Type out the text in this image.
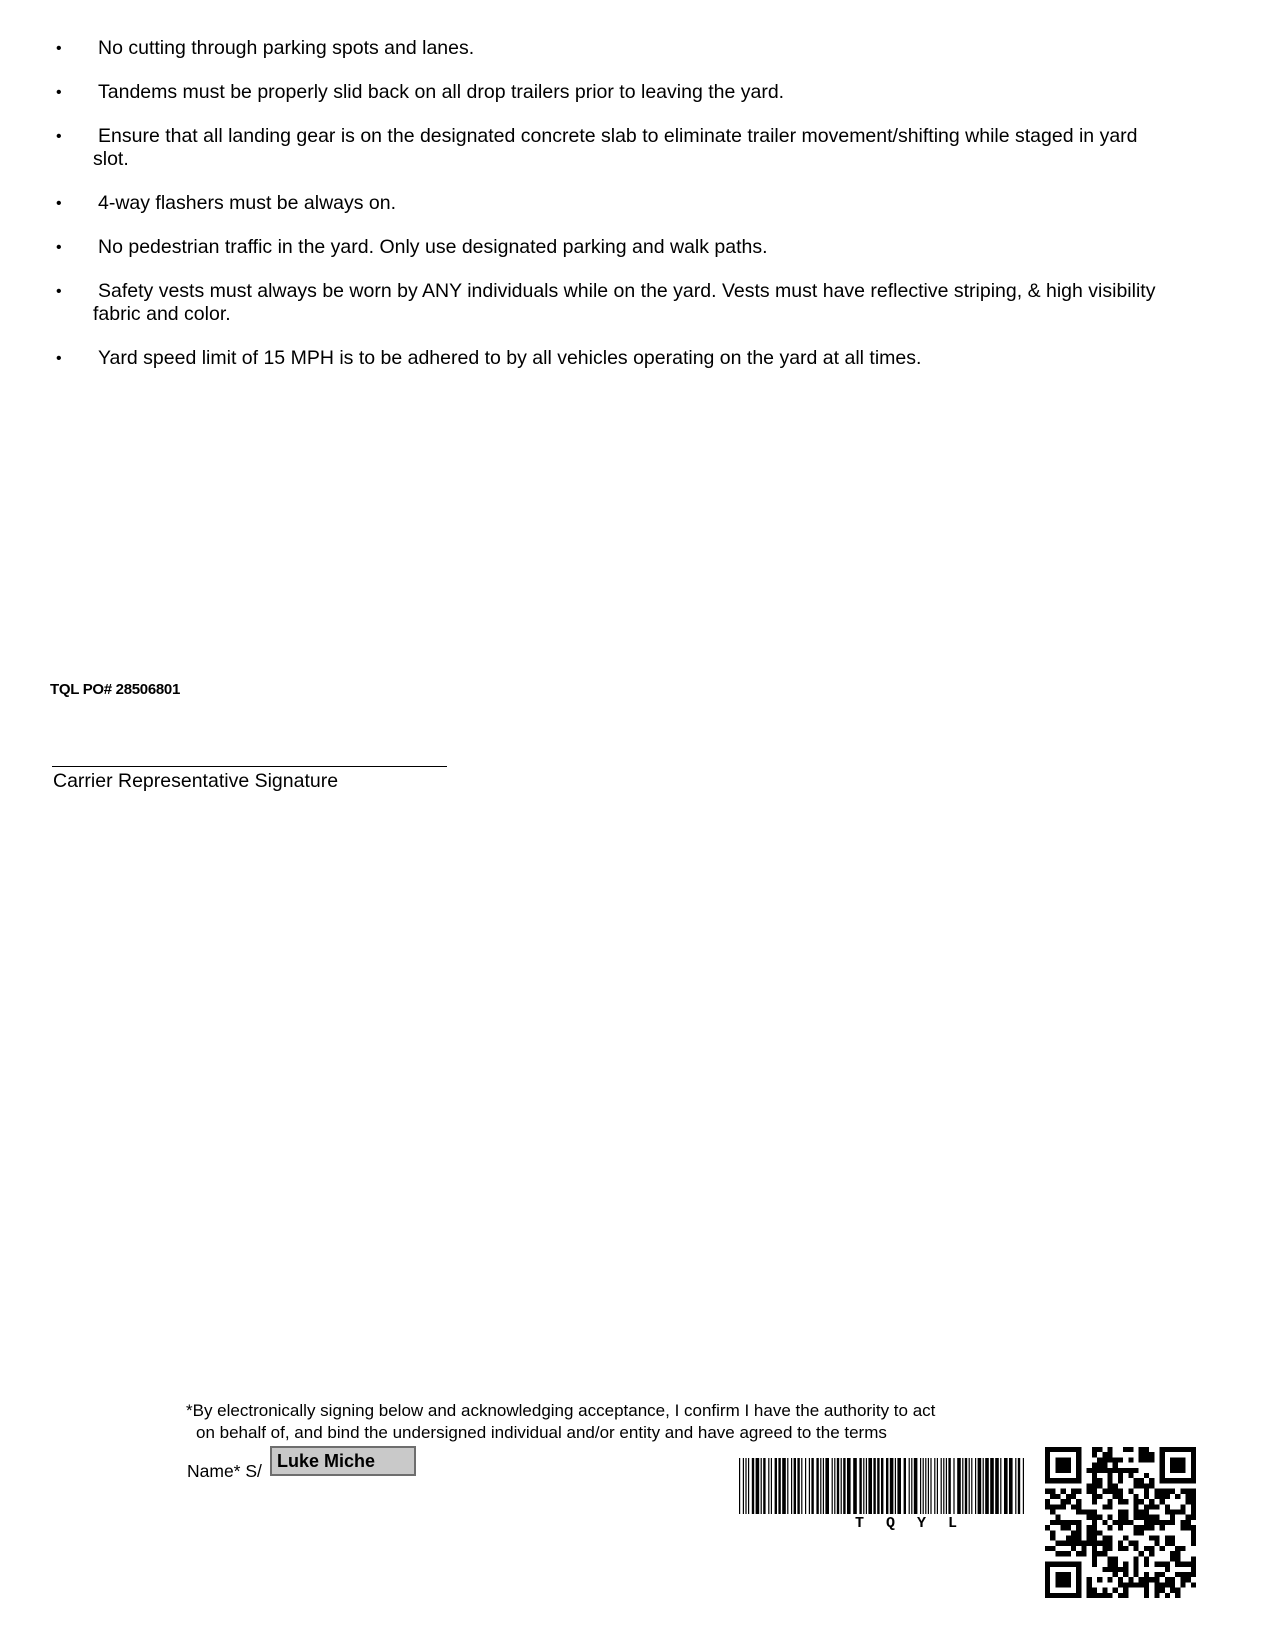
• No cutting through parking spots and lanes.
• Tandems must be properly slid back on all drop trailers prior to leaving the yard.
• Ensure that all landing gear is on the designated concrete slab to eliminate trailer movement/shifting while staged in yard slot.
• 4-way flashers must be always on.
• No pedestrian traffic in the yard. Only use designated parking and walk paths.
• Safety vests must always be worn by ANY individuals while on the yard. Vests must have reflective striping, & high visibility fabric and color.
• Yard speed limit of 15 MPH is to be adhered to by all vehicles operating on the yard at all times.
TQL PO# 28506801
Carrier Representative Signature
*By electronically signing below and acknowledging acceptance, I confirm I have the authority to act
on behalf of, and bind the undersigned individual and/or entity and have agreed to the terms
Name* S/ Luke Miche
TQYL
